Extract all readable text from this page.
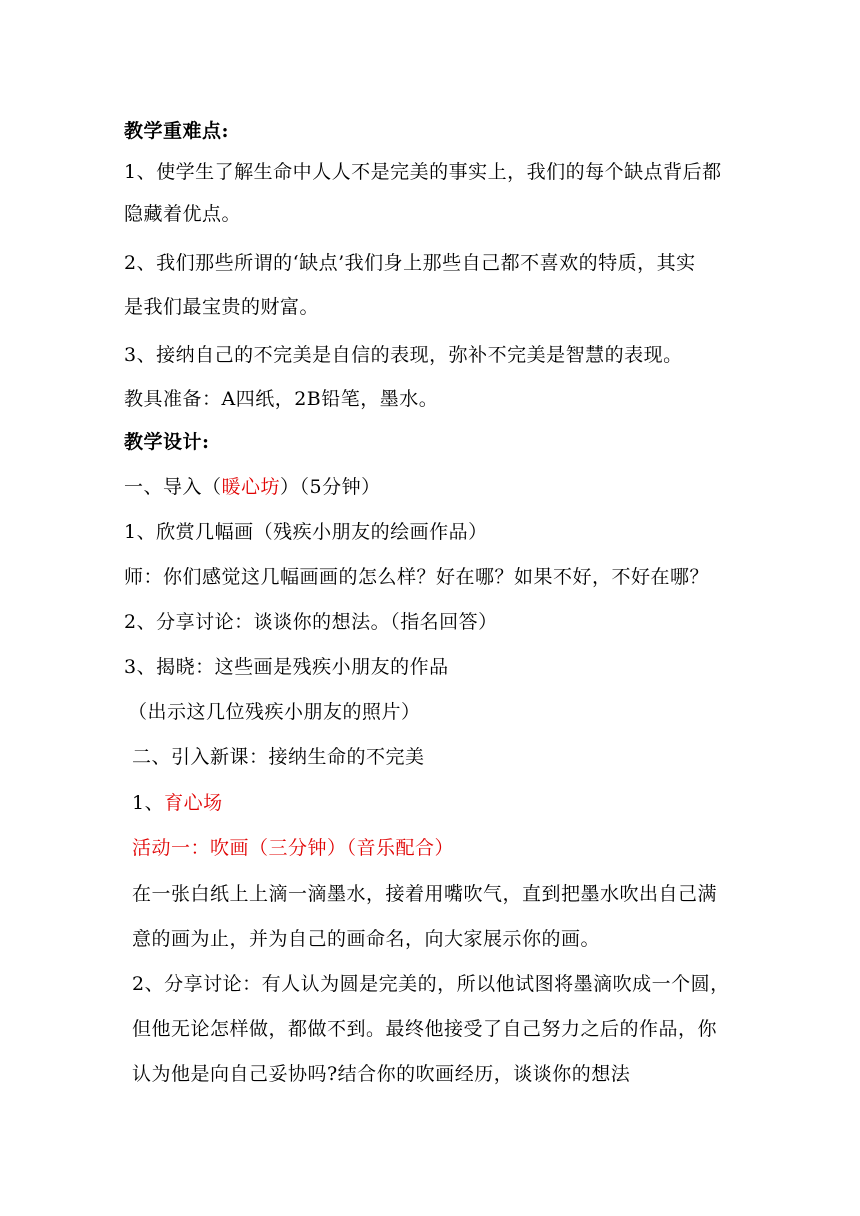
教学重难点:
1、使学生了解生命中人人不是完美的事实上，我们的每个缺点背后都
隐藏着优点。
2、我们那些所谓的‘缺点’我们身上那些自己都不喜欢的特质，其实
是我们最宝贵的财富。
3、接纳自己的不完美是自信的表现，弥补不完美是智慧的表现。
教具准备：A四纸，2B铅笔，墨水。
教学设计:
一、导入（暖心坊）（5分钟）
1、欣赏几幅画（残疾小朋友的绘画作品）
师：你们感觉这几幅画画的怎么样？好在哪？如果不好，不好在哪？
2、分享讨论：谈谈你的想法。（指名回答）
3、揭晓：这些画是残疾小朋友的作品
（出示这几位残疾小朋友的照片）
二、引入新课：接纳生命的不完美
1、育心场
活动一：吹画（三分钟）（音乐配合）
在一张白纸上上滴一滴墨水，接着用嘴吹气，直到把墨水吹出自己满
意的画为止，并为自己的画命名，向大家展示你的画。
2、分享讨论：有人认为圆是完美的，所以他试图将墨滴吹成一个圆，
但他无论怎样做，都做不到。最终他接受了自己努力之后的作品，你
认为他是向自己妥协吗?结合你的吹画经历，谈谈你的想法
